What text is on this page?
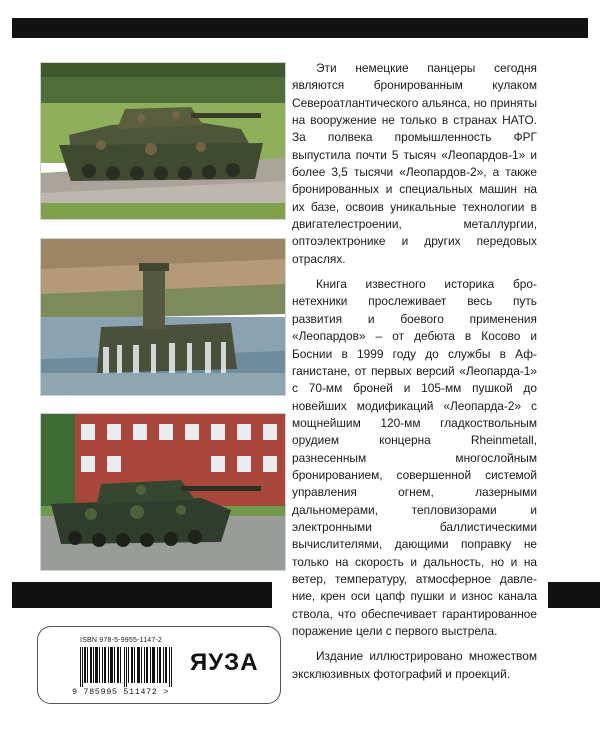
Эти немецкие панцеры сегодня являются бронированным кулаком Североатлантического альянса, но приняты на вооружение не только в странах НАТО. За полвека промышленность ФРГ выпустила почти 5 тысяч «Леопардов-1» и более 3,5 тысячи «Леопардов-2», а также бронированных и специальных машин на их базе, освоив уникальные технологии в двигателестроении, металлургии, оптоэлектронике и других передовых отраслях.

Книга известного историка бронетехники прослеживает весь путь развития и боевого применения «Леопардов» – от дебюта в Косово и Боснии в 1999 году до службы в Афганистане, от первых версий «Леопарда-1» с 70-мм броней и 105-мм пушкой до новейших модификаций «Леопарда-2» с мощнейшим 120-мм гладкоствольным орудием концерна Rheinmetall, разнесенным многослойным бронированием, совершенной системой управления огнем, лазерными дальномерами, тепловизорами и электронными баллистическими вычислителями, дающими поправку не только на скорость и дальность, но и на ветер, температуру, атмосферное давление, крен оси цапф пушки и износ канала ствола, что обеспечивает гарантированное поражение цели с первого выстрела.

Издание иллюстрировано множеством эксклюзивных фотографий и проекций.

ISBN 978-5-9955-1147-2
9 785995 511472 >
ЯУЗА
